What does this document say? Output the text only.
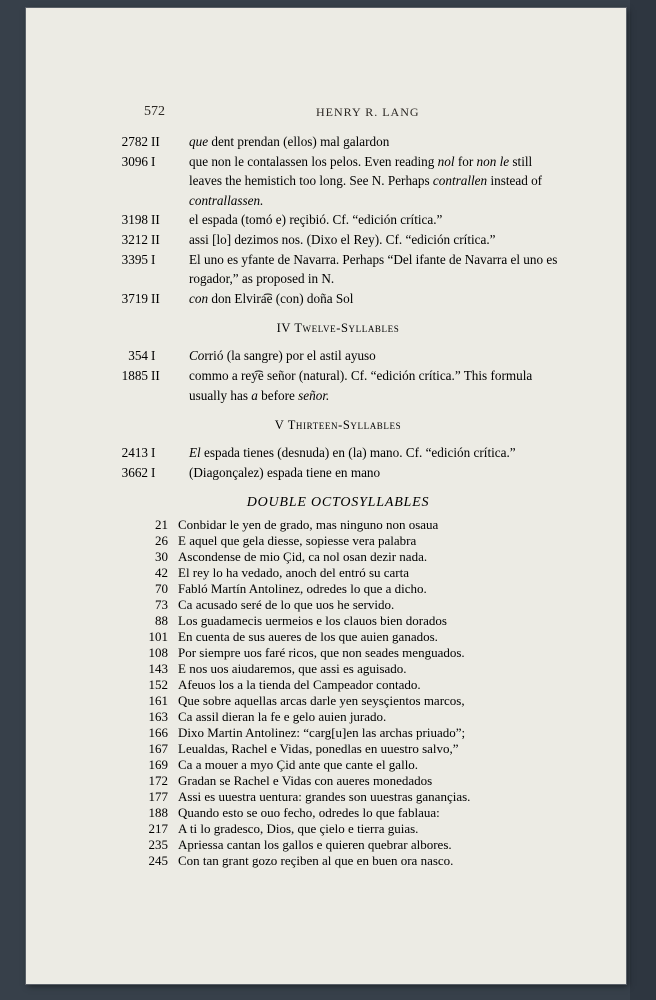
572	HENRY R. LANG
2782 II	que dent prendan (ellos) mal galardon
3096 I	que non le contalassen los pelos. Even reading nol for non le still leaves the hemistich too long. See N. Perhaps contrallen instead of contrallassen.
3198 II	el espada (tomó e) reçibió. Cf. “edición crítica.”
3212 II	assi [lo] dezimos nos. (Dixo el Rey). Cf. “edición crítica.”
3395 I	El uno es yfante de Navarra. Perhaps “Del ifante de Navarra el uno es rogador,” as proposed in N.
3719 II	con don Elvira͡e (con) doña Sol
IV Twelve-Syllables
354 I	Corrió (la sangre) por el astil ayuso
1885 II	commo a rey͡e señor (natural). Cf. “edición crítica.” This formula usually has a before señor.
V Thirteen-Syllables
2413 I	El espada tienes (desnuda) en (la) mano. Cf. “edición crítica.”
3662 I	(Diagonçalez) espada tiene en mano
DOUBLE OCTOSYLLABLES
21 Conbidar le yen de grado, mas ninguno non osaua
26 E aquel que gela diesse, sopiesse vera palabra
30 Ascondense de mio Çid, ca nol osan dezir nada.
42 El rey lo ha vedado, anoch del entró su carta
70 Fabló Martín Antolinez, odredes lo que a dicho.
73 Ca acusado seré de lo que uos he servido.
88 Los guadamecis uermeios e los clauos bien dorados
101 En cuenta de sus aueres de los que auien ganados.
108 Por siempre uos faré ricos, que non seades menguados.
143 E nos uos aiudaremos, que assi es aguisado.
152 Afeuos los a la tienda del Campeador contado.
161 Que sobre aquellas arcas darle yen seysçientos marcos,
163 Ca assil dieran la fe e gelo auien jurado.
166 Dixo Martin Antolinez: “carg[u]en las archas priuado”;
167 Leualdas, Rachel e Vidas, ponedlas en uuestro salvo,”
169 Ca a mouer a myo Çid ante que cante el gallo.
172 Gradan se Rachel e Vidas con aueres monedados
177 Assi es uuestra uentura: grandes son uuestras ganançias.
188 Quando esto se ouo fecho, odredes lo que fablaua:
217 A ti lo gradesco, Dios, que çielo e tierra guias.
235 Apriessa cantan los gallos e quieren quebrar albores.
245 Con tan grant gozo reçiben al que en buen ora nasco.
